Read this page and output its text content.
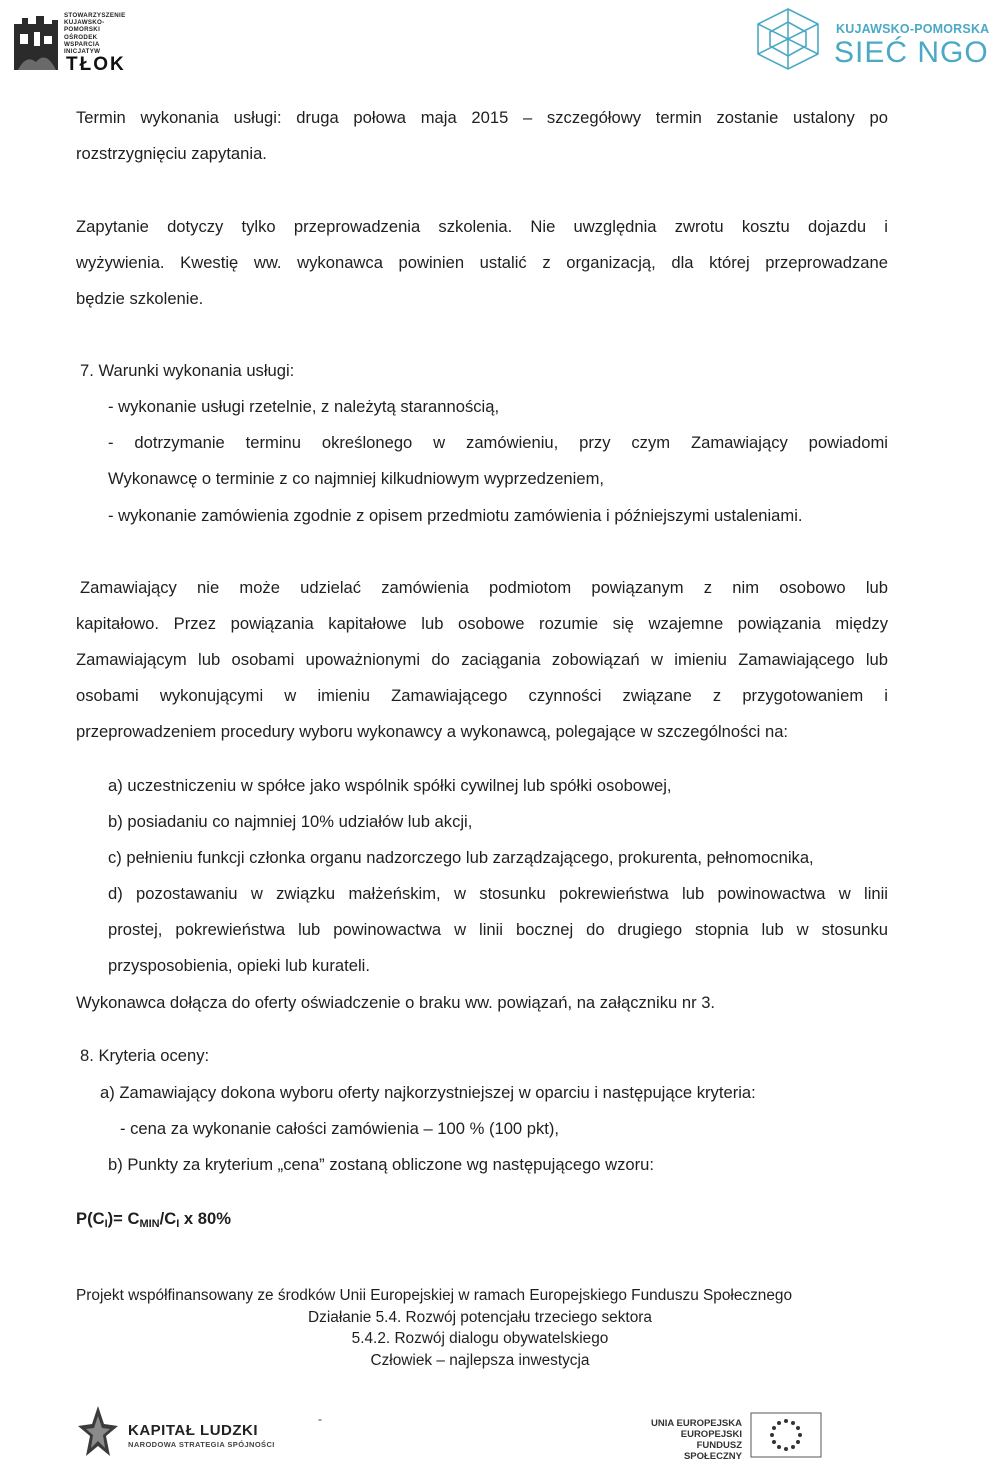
STOWARZYSZENIE
KUJAWSKO-
POMORSKI
OŚRODEK
WSPARCIA
INICJATYW
TŁOK
KUJAWSKO-POMORSKA
SIEĆ NGO
Termin wykonania usługi: druga połowa maja 2015 – szczegółowy termin zostanie ustalony po
rozstrzygnięciu zapytania.
Zapytanie dotyczy tylko przeprowadzenia szkolenia. Nie uwzględnia zwrotu kosztu dojazdu i
wyżywienia. Kwestię ww. wykonawca powinien ustalić z organizacją, dla której przeprowadzane
będzie szkolenie.
7. Warunki wykonania usługi:
- wykonanie usługi rzetelnie, z należytą starannością,
- dotrzymanie terminu określonego w zamówieniu, przy czym Zamawiający powiadomi
Wykonawcę o terminie z co najmniej kilkudniowym wyprzedzeniem,
- wykonanie zamówienia zgodnie z opisem przedmiotu zamówienia i późniejszymi ustaleniami.
Zamawiający nie może udzielać zamówienia podmiotom powiązanym z nim osobowo lub
kapitałowo. Przez powiązania kapitałowe lub osobowe rozumie się wzajemne powiązania między
Zamawiającym lub osobami upoważnionymi do zaciągania zobowiązań w imieniu Zamawiającego lub
osobami wykonującymi w imieniu Zamawiającego czynności związane z przygotowaniem i
przeprowadzeniem procedury wyboru wykonawcy a wykonawcą, polegające w szczególności na:
a) uczestniczeniu w spółce jako wspólnik spółki cywilnej lub spółki osobowej,
b) posiadaniu co najmniej 10% udziałów lub akcji,
c) pełnieniu funkcji członka organu nadzorczego lub zarządzającego, prokurenta, pełnomocnika,
d) pozostawaniu w związku małżeńskim, w stosunku pokrewieństwa lub powinowactwa w linii
prostej, pokrewieństwa lub powinowactwa w linii bocznej do drugiego stopnia lub w stosunku
przysposobienia, opieki lub kurateli.
Wykonawca dołącza do oferty oświadczenie o braku ww. powiązań, na załączniku nr 3.
8. Kryteria oceny:
a) Zamawiający dokona wyboru oferty najkorzystniejszej w oparciu i następujące kryteria:
- cena za wykonanie całości zamówienia – 100 % (100 pkt),
b) Punkty za kryterium „cena” zostaną obliczone wg następującego wzoru:
$P(C_I)= C_{MIN}/C_I$ x 80%
Projekt współfinansowany ze środków Unii Europejskiej w ramach Europejskiego Funduszu Społecznego
Działanie 5.4. Rozwój potencjału trzeciego sektora
5.4.2. Rozwój dialogu obywatelskiego
Człowiek – najlepsza inwestycja
KAPITAŁ LUDZKI
NARODOWA STRATEGIA SPÓJNOŚCI
-	UNIA EUROPEJSKA
EUROPEJSKI
FUNDUSZ SPOŁECZNY
